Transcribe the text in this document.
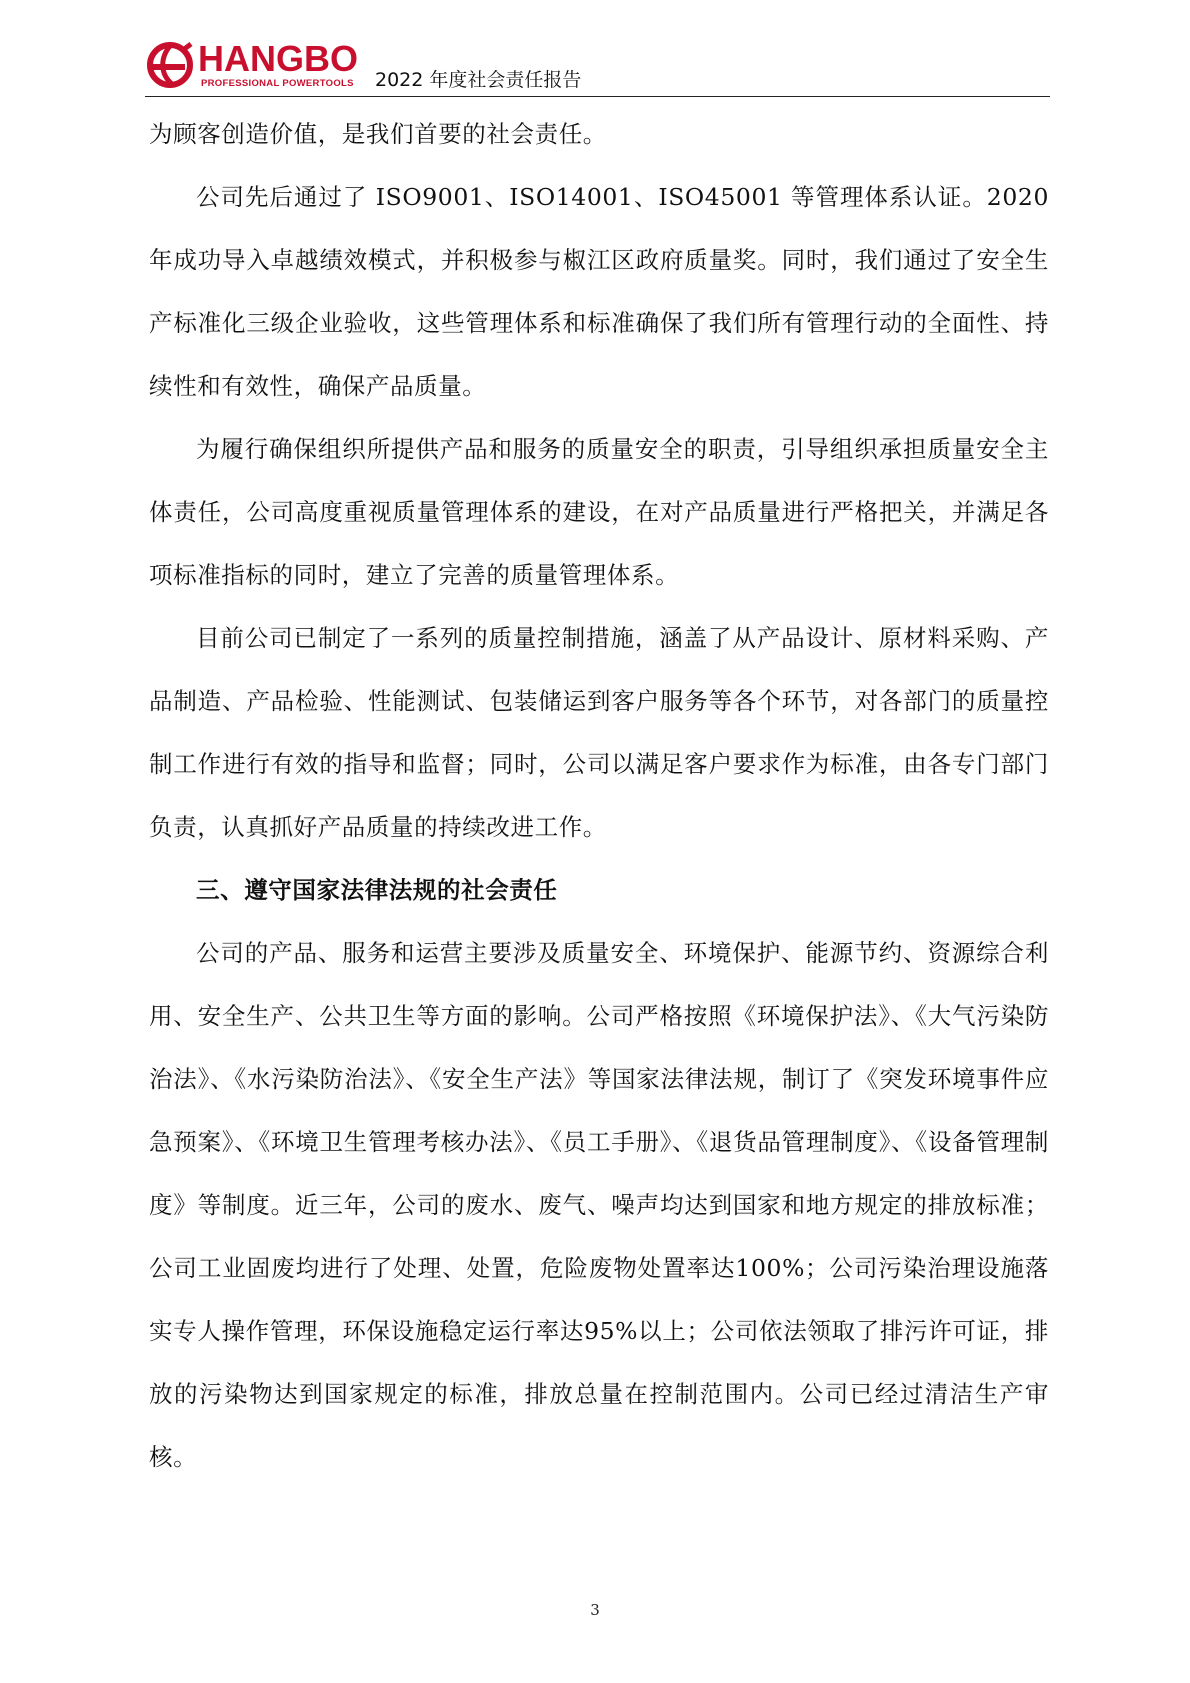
HANGBO
PROFESSIONAL POWERTOOLS 2022 年度社会责任报告

为顾客创造价值，是我们首要的社会责任。

公司先后通过了 ISO9001、ISO14001、ISO45001 等管理体系认证。2020 年成功导入卓越绩效模式，并积极参与椒江区政府质量奖。同时，我们通过了安全生产标准化三级企业验收，这些管理体系和标准确保了我们所有管理行动的全面性、持续性和有效性，确保产品质量。

为履行确保组织所提供产品和服务的质量安全的职责，引导组织承担质量安全主体责任，公司高度重视质量管理体系的建设，在对产品质量进行严格把关，并满足各项标准指标的同时，建立了完善的质量管理体系。

目前公司已制定了一系列的质量控制措施，涵盖了从产品设计、原材料采购、产品制造、产品检验、性能测试、包装储运到客户服务等各个环节，对各部门的质量控制工作进行有效的指导和监督；同时，公司以满足客户要求作为标准，由各专门部门负责，认真抓好产品质量的持续改进工作。

三、遵守国家法律法规的社会责任

公司的产品、服务和运营主要涉及质量安全、环境保护、能源节约、资源综合利用、安全生产、公共卫生等方面的影响。公司严格按照《环境保护法》、《大气污染防治法》、《水污染防治法》、《安全生产法》等国家法律法规，制订了《突发环境事件应急预案》、《环境卫生管理考核办法》、《员工手册》、《退货品管理制度》、《设备管理制度》等制度。近三年，公司的废水、废气、噪声均达到国家和地方规定的排放标准；公司工业固废均进行了处理、处置，危险废物处置率达100%；公司污染治理设施落实专人操作管理，环保设施稳定运行率达95%以上；公司依法领取了排污许可证，排放的污染物达到国家规定的标准，排放总量在控制范围内。公司已经过清洁生产审核。

3
